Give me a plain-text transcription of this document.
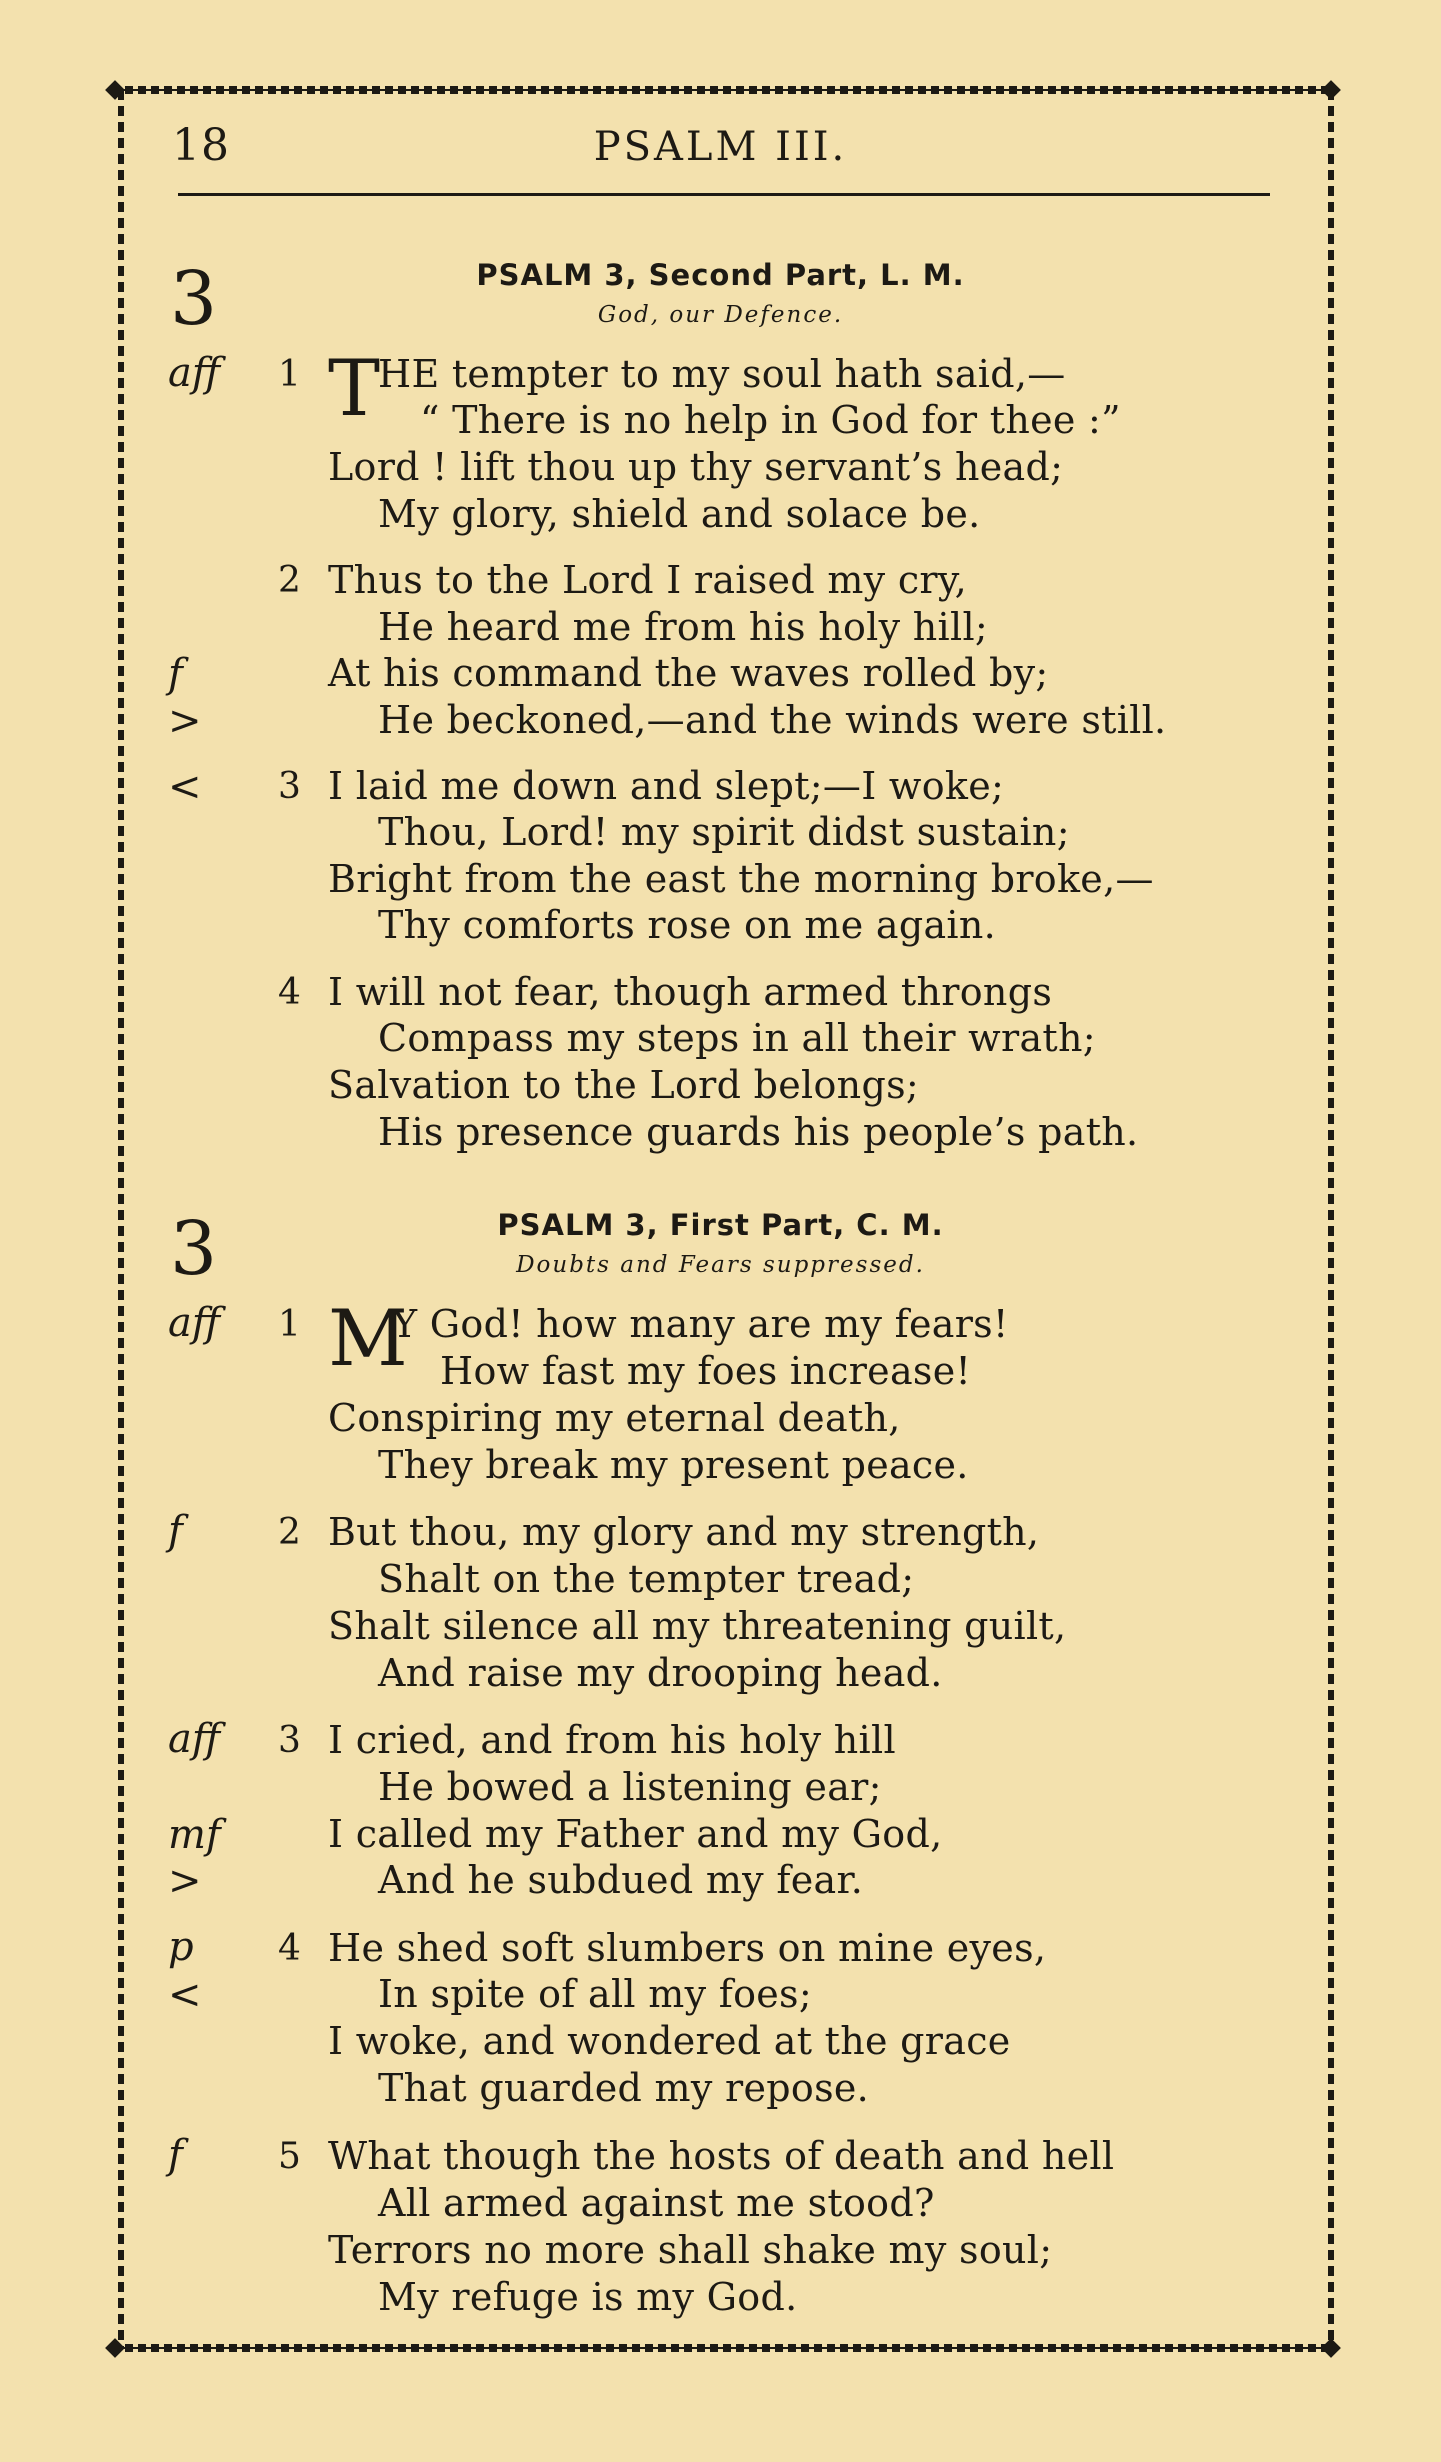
18	PSALM III.
3	PSALM 3, Second Part, L. M.
God, our Defence.
aff 1 T
HE tempter to my soul hath said,—
“ There is no help in God for thee :”
Lord ! lift thou up thy servant’s head;
My glory, shield and solace be.
2 Thus to the Lord I raised my cry,
He heard me from his holy hill;
f	At his command the waves rolled by;
>	He beckoned,—and the winds were still.
<	3 I laid me down and slept;—I woke;
Thou, Lord! my spirit didst sustain;
Bright from the east the morning broke,—
Thy comforts rose on me again.
4 I will not fear, though armed throngs
Compass my steps in all their wrath;
Salvation to the Lord belongs;
His presence guards his people’s path.
3	PSALM 3, First Part, C. M.
Doubts and Fears suppressed.
aff 1 M
Y God! how many are my fears!
How fast my foes increase!
Conspiring my eternal death,
They break my present peace.
f	2 But thou, my glory and my strength,
Shalt on the tempter tread;
Shalt silence all my threatening guilt,
And raise my drooping head.
aff 3 I cried, and from his holy hill
He bowed a listening ear;
mf	I called my Father and my God,
>	And he subdued my fear.
p	4 He shed soft slumbers on mine eyes,
<	In spite of all my foes;
I woke, and wondered at the grace
That guarded my repose.
f	5 What though the hosts of death and hell
All armed against me stood?
Terrors no more shall shake my soul;
My refuge is my God.
